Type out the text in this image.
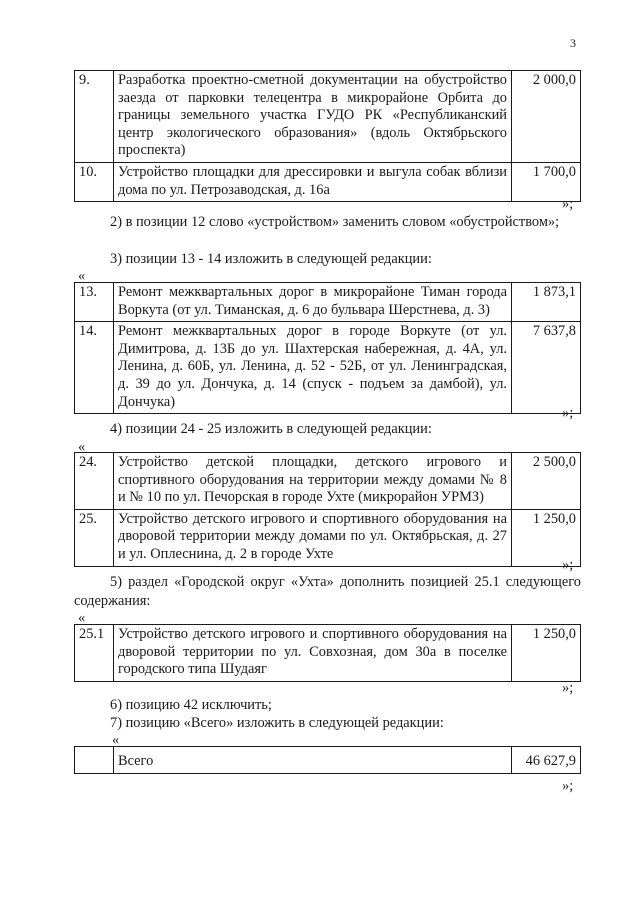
3
9.	Разработка проектно-сметной документации на обустройство заезда от парковки телецентра в микрорайоне Орбита до границы земельного участка ГУДО РК «Республиканский центр экологического образования» (вдоль Октябрьского проспекта)	2 000,0
10.	Устройство площадки для дрессировки и выгула собак вблизи дома по ул. Петрозаводская, д. 16а	1 700,0
»;
2) в позиции 12 слово «устройством» заменить словом «обустройством»;
3) позиции 13 - 14 изложить в следующей редакции:
«
13.	Ремонт межквартальных дорог в микрорайоне Тиман города Воркута (от ул. Тиманская, д. 6 до бульвара Шерстнева, д. 3)	1 873,1
14.	Ремонт межквартальных дорог в городе Воркуте (от ул. Димитрова, д. 13Б до ул. Шахтерская набережная, д. 4А, ул. Ленина, д. 60Б, ул. Ленина, д. 52 - 52Б, от ул. Ленинградская, д. 39 до ул. Дончука, д. 14 (спуск - подъем за дамбой), ул. Дончука)	7 637,8
»;
4) позиции 24 - 25 изложить в следующей редакции:
«
24.	Устройство детской площадки, детского игрового и спортивного оборудования на территории между домами № 8 и № 10 по ул. Печорская в городе Ухте (микрорайон УРМЗ)	2 500,0
25.	Устройство детского игрового и спортивного оборудования на дворовой территории между домами по ул. Октябрьская, д. 27 и ул. Оплеснина, д. 2 в городе Ухте	1 250,0
»;
5) раздел «Городской округ «Ухта» дополнить позицией 25.1 следующего содержания:
«
25.1	Устройство детского игрового и спортивного оборудования на дворовой территории по ул. Совхозная, дом 30а в поселке городского типа Шудаяг	1 250,0
»;
6) позицию 42 исключить;
7) позицию «Всего» изложить в следующей редакции:
«
	Всего	46 627,9
»;
